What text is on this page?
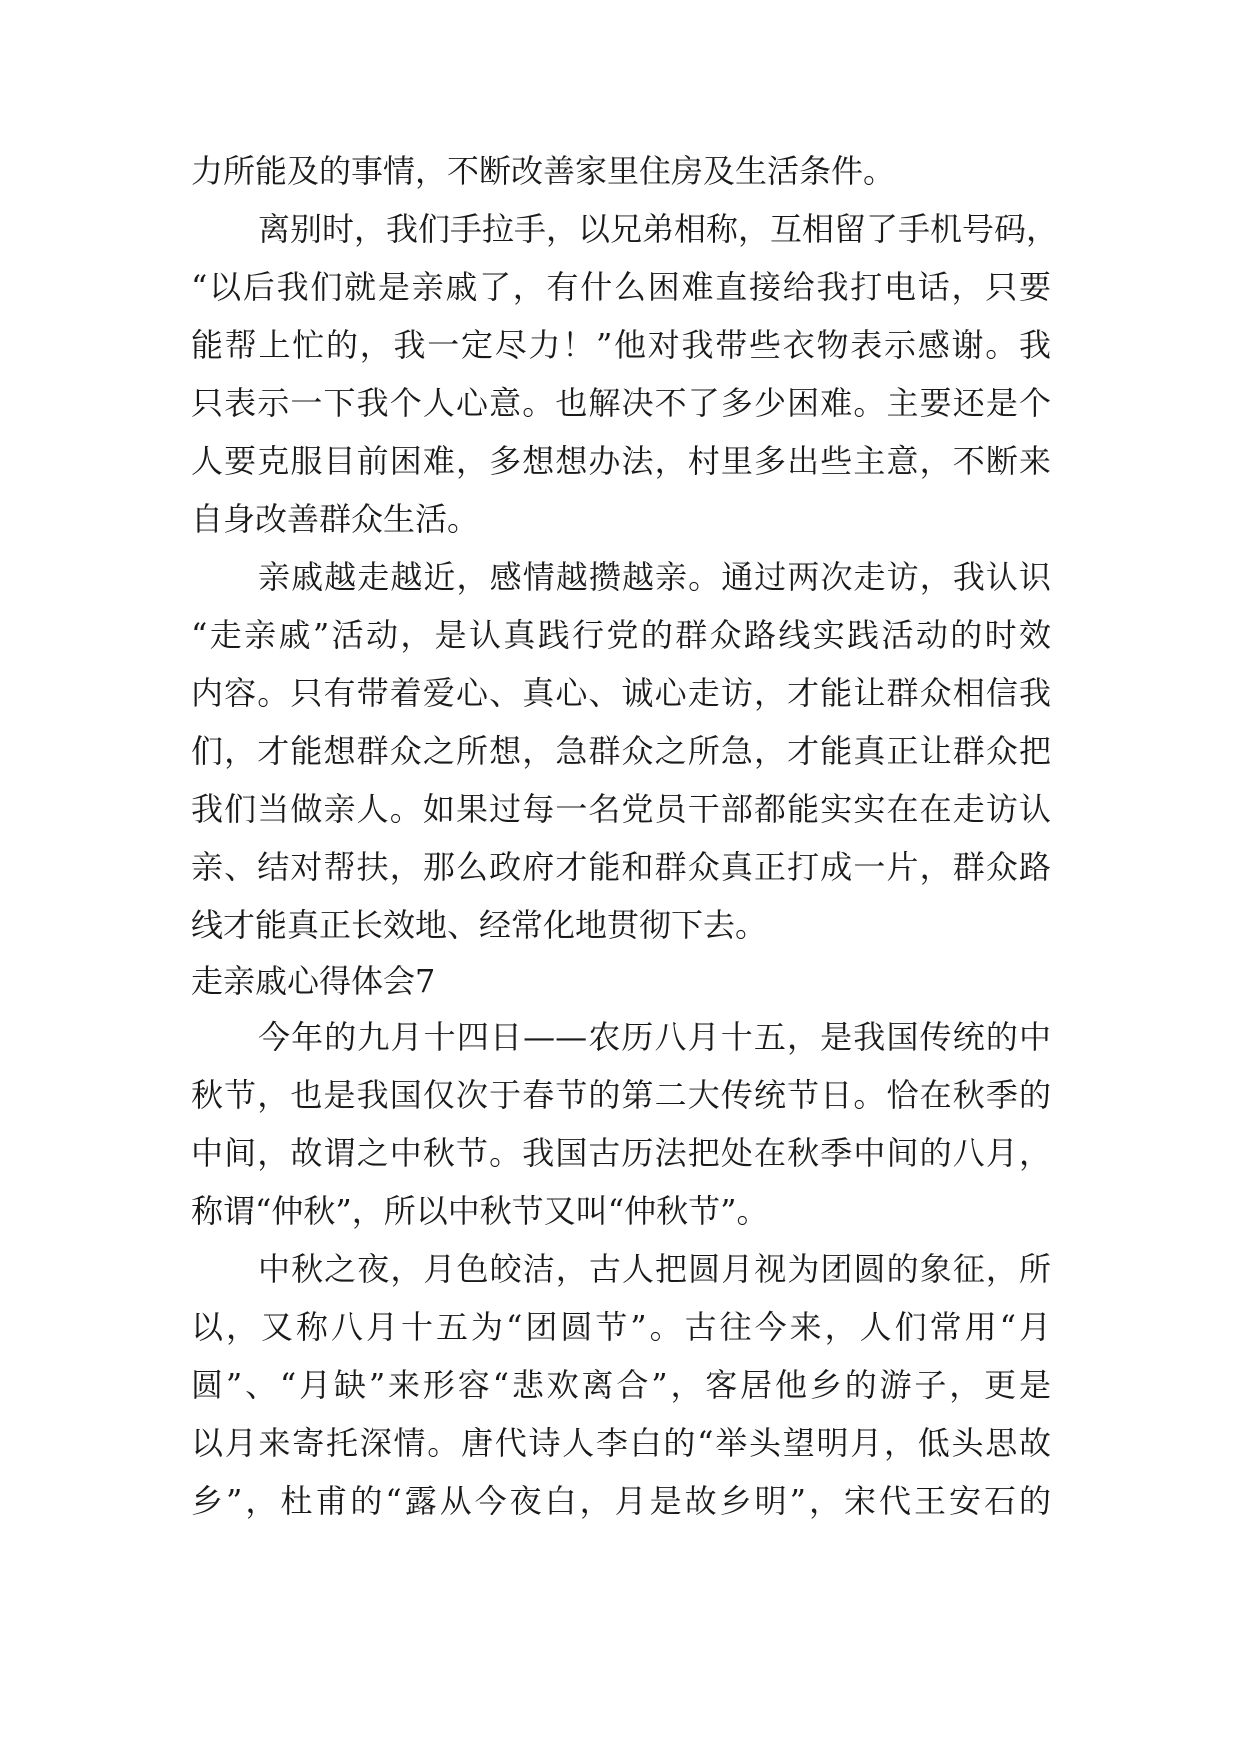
力所能及的事情，不断改善家里住房及生活条件。
离别时，我们手拉手，以兄弟相称，互相留了手机号码，
“以后我们就是亲戚了，有什么困难直接给我打电话，只要
能帮上忙的，我一定尽力！”他对我带些衣物表示感谢。我
只表示一下我个人心意。也解决不了多少困难。主要还是个
人要克服目前困难，多想想办法，村里多出些主意，不断来
自身改善群众生活。
亲戚越走越近，感情越攒越亲。通过两次走访，我认识
“走亲戚”活动，是认真践行党的群众路线实践活动的时效
内容。只有带着爱心、真心、诚心走访，才能让群众相信我
们，才能想群众之所想，急群众之所急，才能真正让群众把
我们当做亲人。如果过每一名党员干部都能实实在在走访认
亲、结对帮扶，那么政府才能和群众真正打成一片，群众路
线才能真正长效地、经常化地贯彻下去。
走亲戚心得体会7
今年的九月十四日——农历八月十五，是我国传统的中
秋节，也是我国仅次于春节的第二大传统节日。恰在秋季的
中间，故谓之中秋节。我国古历法把处在秋季中间的八月，
称谓“仲秋”，所以中秋节又叫“仲秋节”。
中秋之夜，月色皎洁，古人把圆月视为团圆的象征，所
以，又称八月十五为“团圆节”。古往今来，人们常用“月
圆”、“月缺”来形容“悲欢离合”，客居他乡的游子，更是
以月来寄托深情。唐代诗人李白的“举头望明月，低头思故
乡”，杜甫的“露从今夜白，月是故乡明”，宋代王安石的
